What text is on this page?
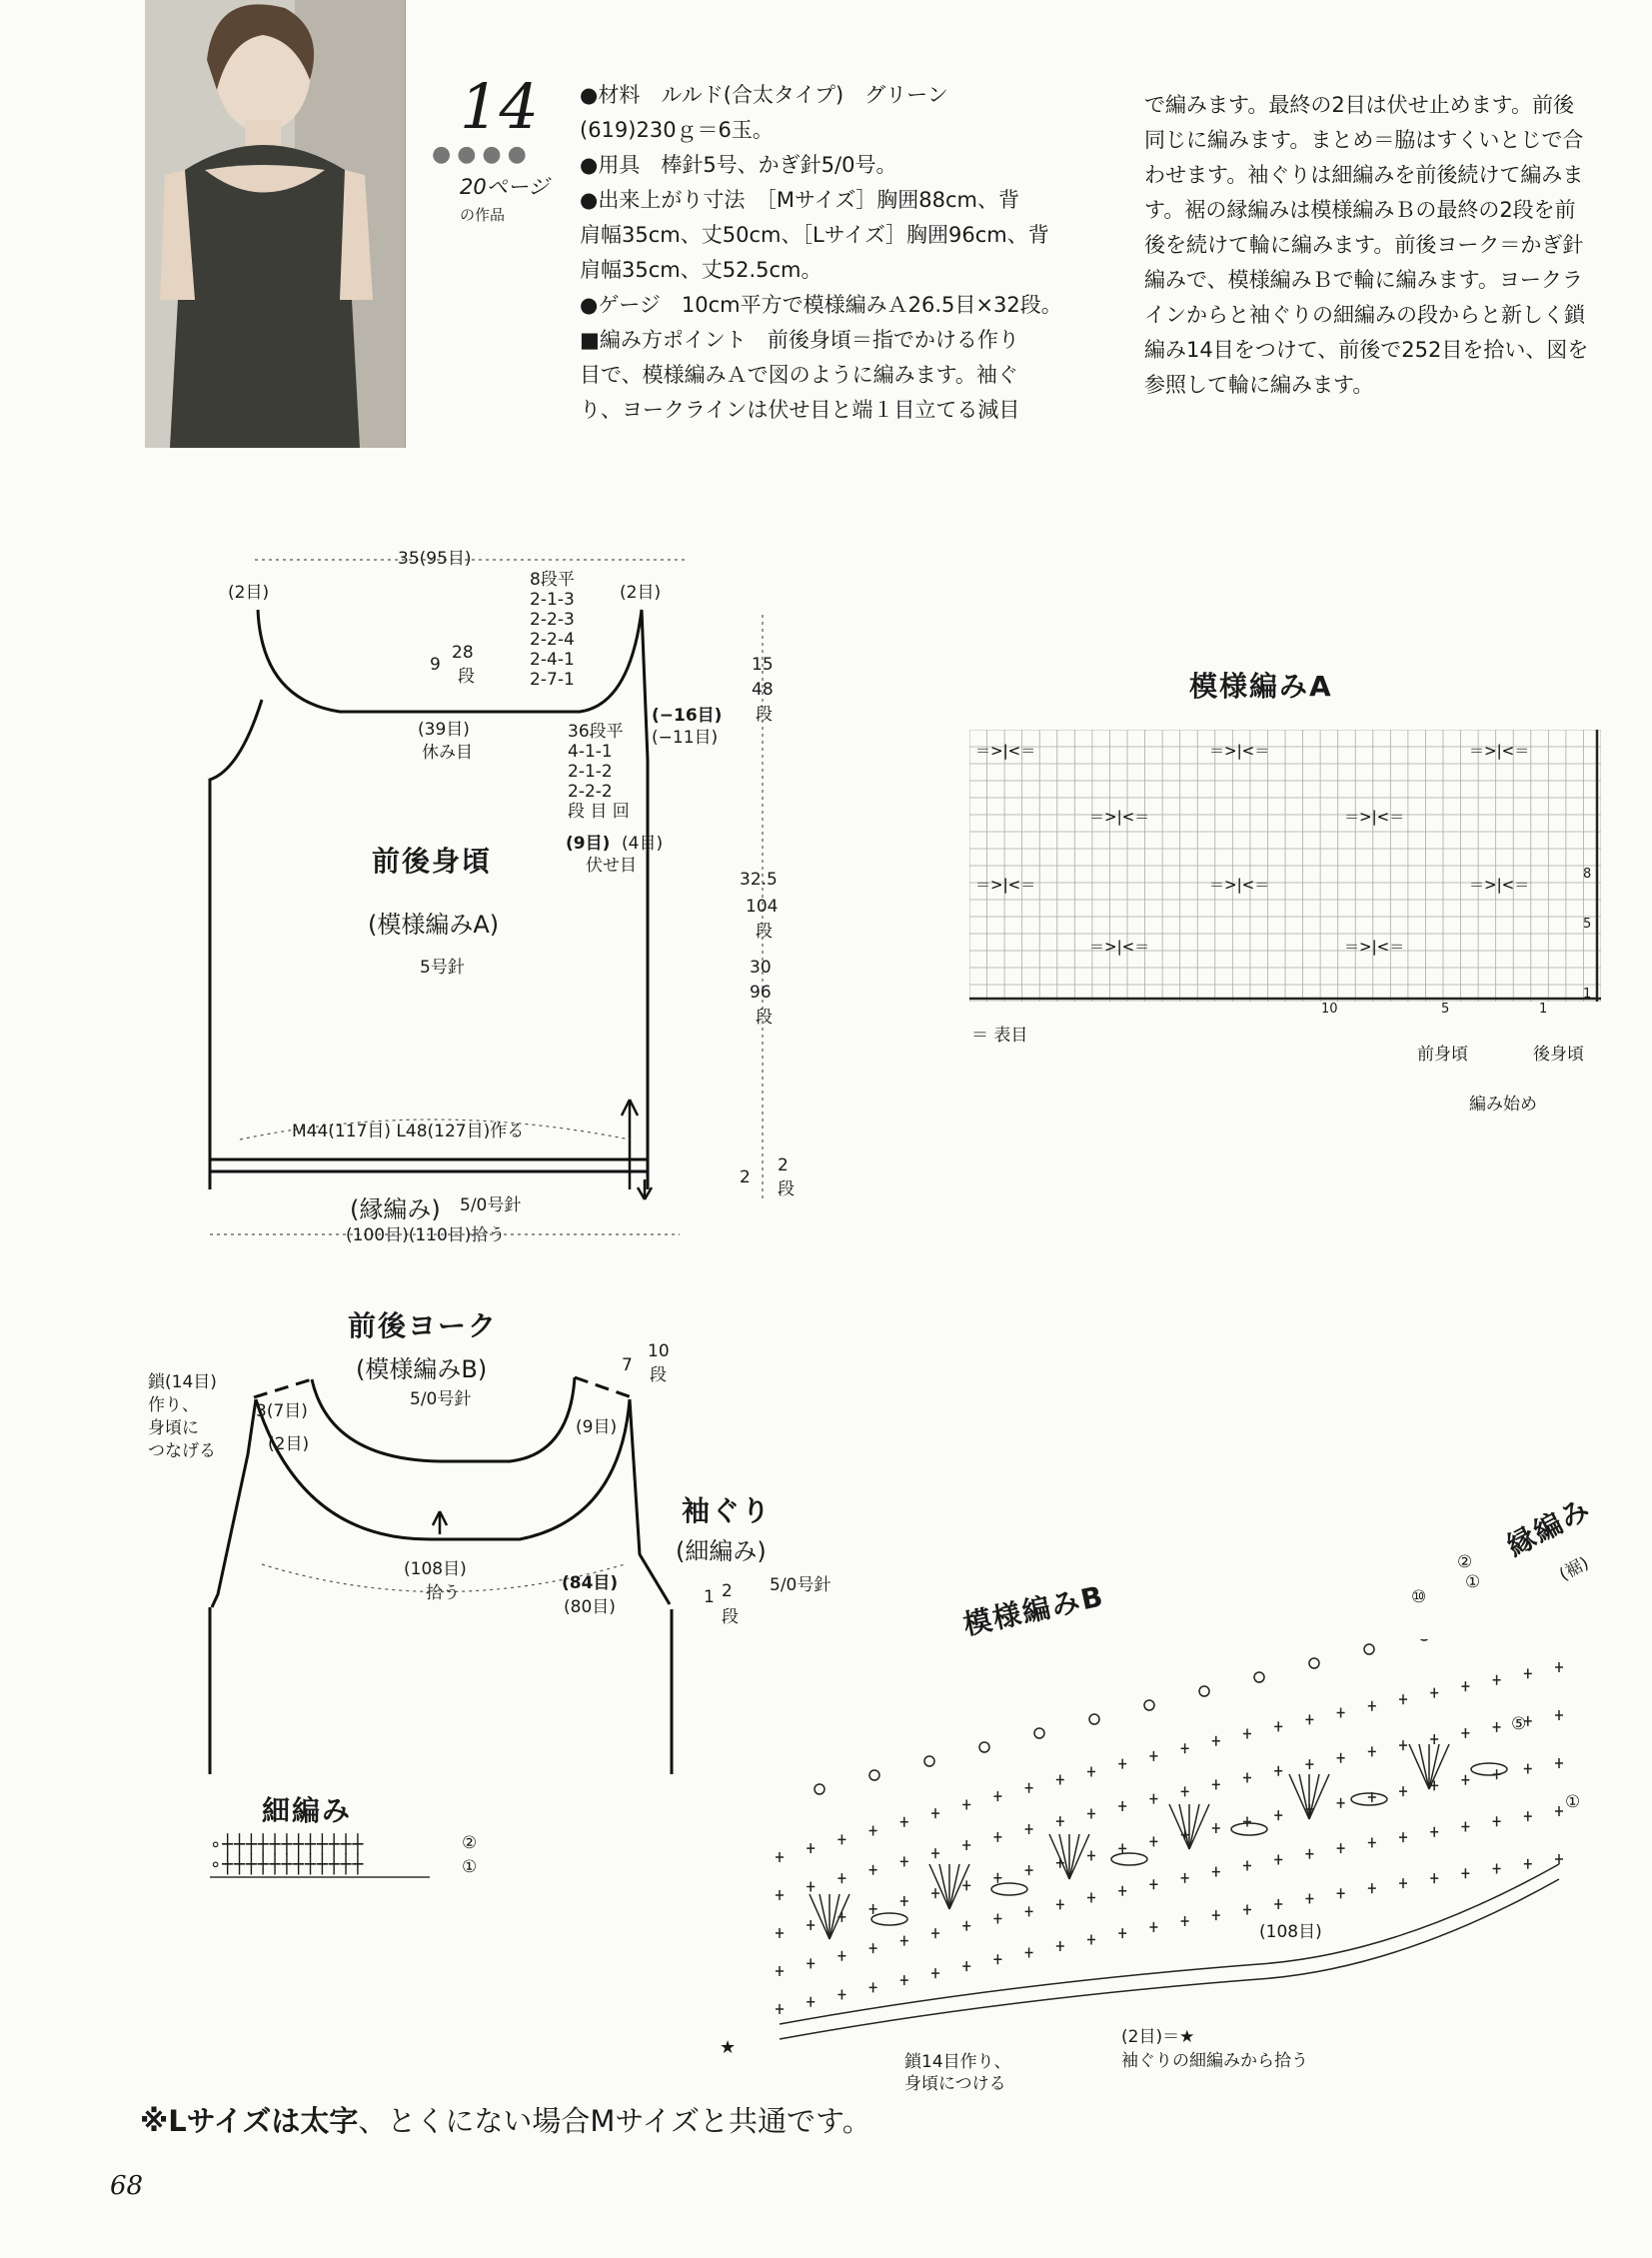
14
●●●●
20ページ
の作品

●材料　ルルド(合太タイプ)　グリーン

(619)230ｇ＝6玉。

●用具　棒針5号、かぎ針5/0号。

●出来上がり寸法　［Mサイズ］胸囲88cm、背

肩幅35cm、丈50cm、［Lサイズ］胸囲96cm、背

肩幅35cm、丈52.5cm。

●ゲージ　10cm平方で模様編みＡ26.5目×32段。

■編み方ポイント　前後身頃＝指でかける作り

目で、模様編みＡで図のように編みます。袖ぐ

り、ヨークラインは伏せ目と端１目立てる減目

で編みます。最終の2目は伏せ止めます。前後

同じに編みます。まとめ＝脇はすくいとじで合

わせます。袖ぐりは細編みを前後続けて編みま

す。裾の縁編みは模様編みＢの最終の2段を前

後を続けて輪に編みます。前後ヨーク＝かぎ針

編みで、模様編みＢで輪に編みます。ヨークラ

インからと袖ぐりの細編みの段からと新しく鎖

編み14目をつけて、前後で252目を拾い、図を

参照して輪に編みます。

35(95目)
(2目)	(2目)
8段平
2-1-3
2-2-3
2-2-4
2-4-1
2-7-1
9
28
段
(39目)
休み目
36段平
4-1-1
2-1-2
2-2-2
段 目 回
(−16目)
(−11目)
(9目) (4目)
伏せ目
前後身頃
(模様編みA)
5号針
15
48
段
32.5
104
段
30
96
段
M44(117目) L48(127目)作る
(縁編み) 5/0号針
(100目)(110目)拾う
2
2
段
模様編みA
＝>|<＝	＝>|<＝	＝>|<＝
＝>|<＝	＝>|<＝	＝>|<＝
＝>|<＝	＝>|<＝
＝>|<＝	＝>|<＝
＝ 表目
8
5
1
10	5	1
前身頃	後身頃
編み始め
前後ヨーク
(模様編みB)
5/0号針
鎖(14目)
作り、
身頃に
つなげる
3(7目)
(2目)
(9目)
7
10
段
(108目)
拾う	(84目)
(80目)	1 2
段
袖ぐり
(細編み)
5/0号針
細編み
∘┼┼┼┼┼┼┼┼┼┼┼┼
∘┼┼┼┼┼┼┼┼┼┼┼┼
②
①
模様編みB
縁編み
(裾)
⑩
②
①
⑤
①
(108目)
鎖14目作り、
身頃につける
(2目)＝★
袖ぐりの細編みから拾う
★
※Lサイズは太字、とくにない場合Mサイズと共通です。
68
